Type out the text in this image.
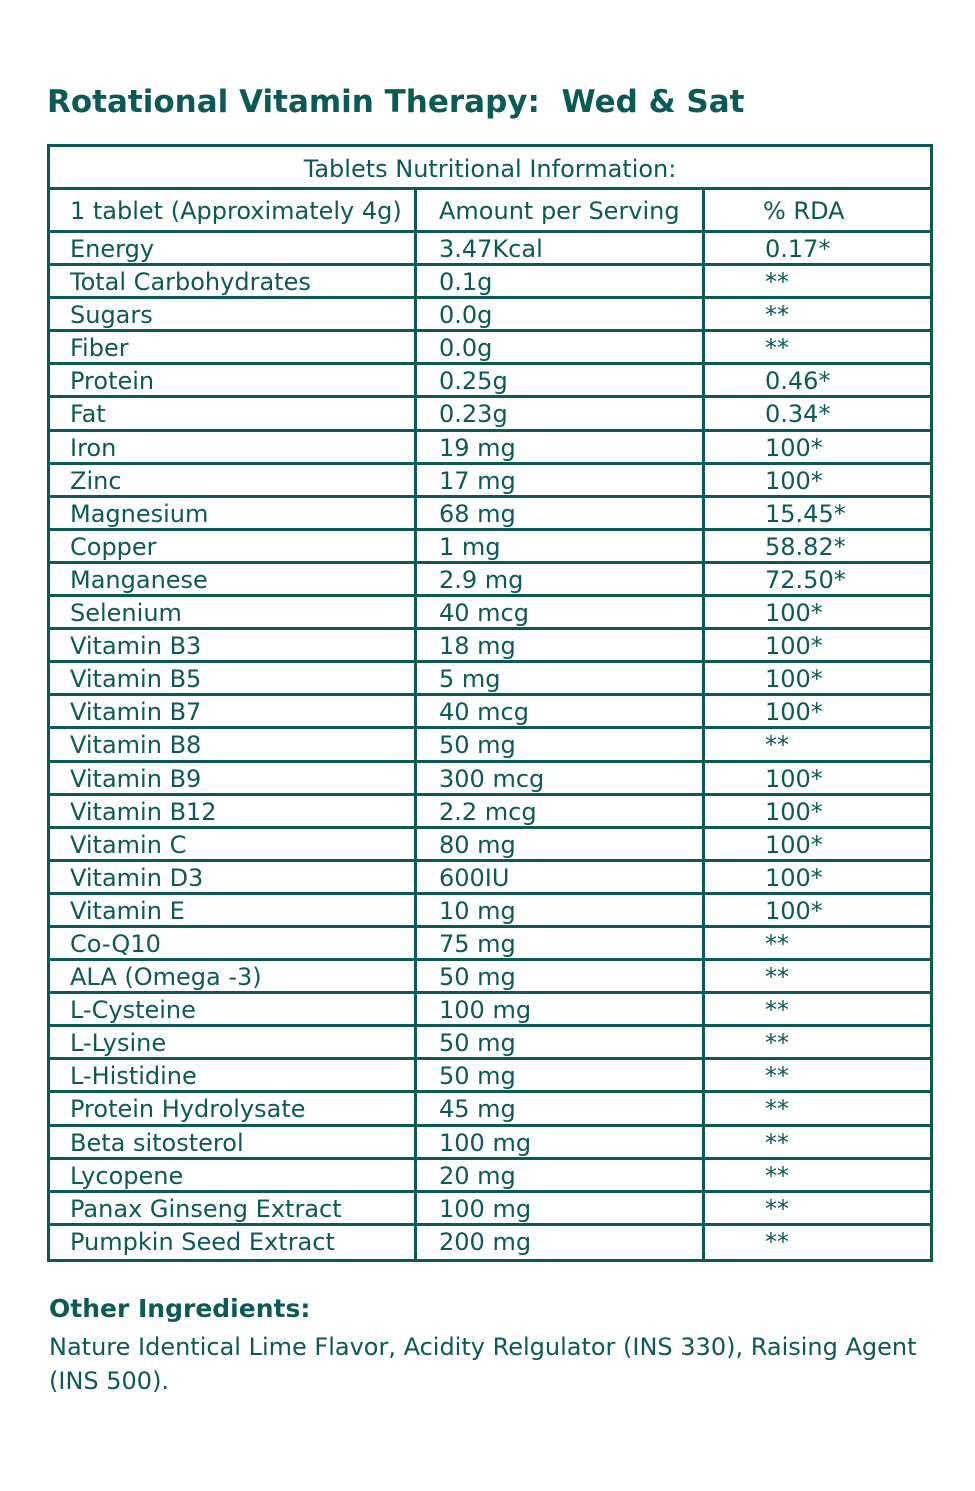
Rotational Vitamin Therapy:  Wed & Sat
Tablets Nutritional Information:
1 tablet (Approximately 4g)	Amount per Serving	% RDA
Energy	3.47Kcal	0.17*
Total Carbohydrates	0.1g	**
Sugars	0.0g	**
Fiber	0.0g	**
Protein	0.25g	0.46*
Fat	0.23g	0.34*
Iron	19 mg	100*
Zinc	17 mg	100*
Magnesium	68 mg	15.45*
Copper	1 mg	58.82*
Manganese	2.9 mg	72.50*
Selenium	40 mcg	100*
Vitamin B3	18 mg	100*
Vitamin B5	5 mg	100*
Vitamin B7	40 mcg	100*
Vitamin B8	50 mg	**
Vitamin B9	300 mcg	100*
Vitamin B12	2.2 mcg	100*
Vitamin C	80 mg	100*
Vitamin D3	600IU	100*
Vitamin E	10 mg	100*
Co-Q10	75 mg	**
ALA (Omega -3)	50 mg	**
L-Cysteine	100 mg	**
L-Lysine	50 mg	**
L-Histidine	50 mg	**
Protein Hydrolysate	45 mg	**
Beta sitosterol	100 mg	**
Lycopene	20 mg	**
Panax Ginseng Extract	100 mg	**
Pumpkin Seed Extract	200 mg	**
Other Ingredients:
Nature Identical Lime Flavor, Acidity Relgulator (INS 330), Raising Agent (INS 500).
